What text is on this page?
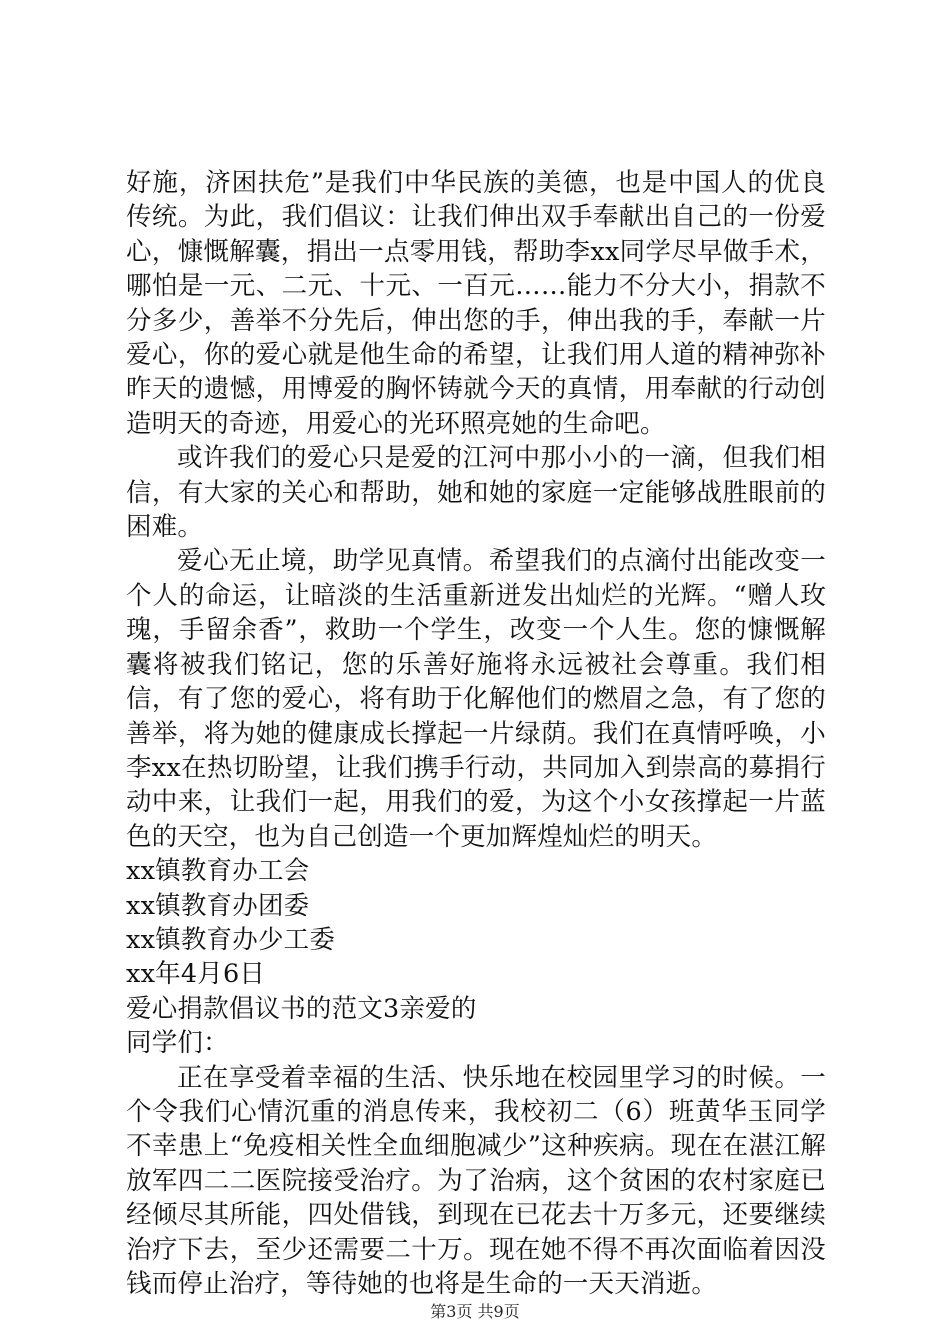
好施，济困扶危”是我们中华民族的美德，也是中国人的优良传统。为此，我们倡议：让我们伸出双手奉献出自己的一份爱心，慷慨解囊，捐出一点零用钱，帮助李xx同学尽早做手术，哪怕是一元、二元、十元、一百元……能力不分大小，捐款不分多少，善举不分先后，伸出您的手，伸出我的手，奉献一片爱心，你的爱心就是他生命的希望，让我们用人道的精神弥补昨天的遗憾，用博爱的胸怀铸就今天的真情，用奉献的行动创造明天的奇迹，用爱心的光环照亮她的生命吧。

或许我们的爱心只是爱的江河中那小小的一滴，但我们相信，有大家的关心和帮助，她和她的家庭一定能够战胜眼前的困难。

爱心无止境，助学见真情。希望我们的点滴付出能改变一个人的命运，让暗淡的生活重新迸发出灿烂的光辉。“赠人玫瑰，手留余香”，救助一个学生，改变一个人生。您的慷慨解囊将被我们铭记，您的乐善好施将永远被社会尊重。我们相信，有了您的爱心，将有助于化解他们的燃眉之急，有了您的善举，将为她的健康成长撑起一片绿荫。我们在真情呼唤，小李xx在热切盼望，让我们携手行动，共同加入到崇高的募捐行动中来，让我们一起，用我们的爱，为这个小女孩撑起一片蓝色的天空，也为自己创造一个更加辉煌灿烂的明天。

xx镇教育办工会

xx镇教育办团委

xx镇教育办少工委

xx年4月6日

爱心捐款倡议书的范文3亲爱的

同学们：

正在享受着幸福的生活、快乐地在校园里学习的时候。一个令我们心情沉重的消息传来，我校初二（6）班黄华玉同学不幸患上“免疫相关性全血细胞减少”这种疾病。现在在湛江解放军四二二医院接受治疗。为了治病，这个贫困的农村家庭已经倾尽其所能，四处借钱，到现在已花去十万多元，还要继续治疗下去，至少还需要二十万。现在她不得不再次面临着因没钱而停止治疗，等待她的也将是生命的一天天消逝。

第3页 共9页
